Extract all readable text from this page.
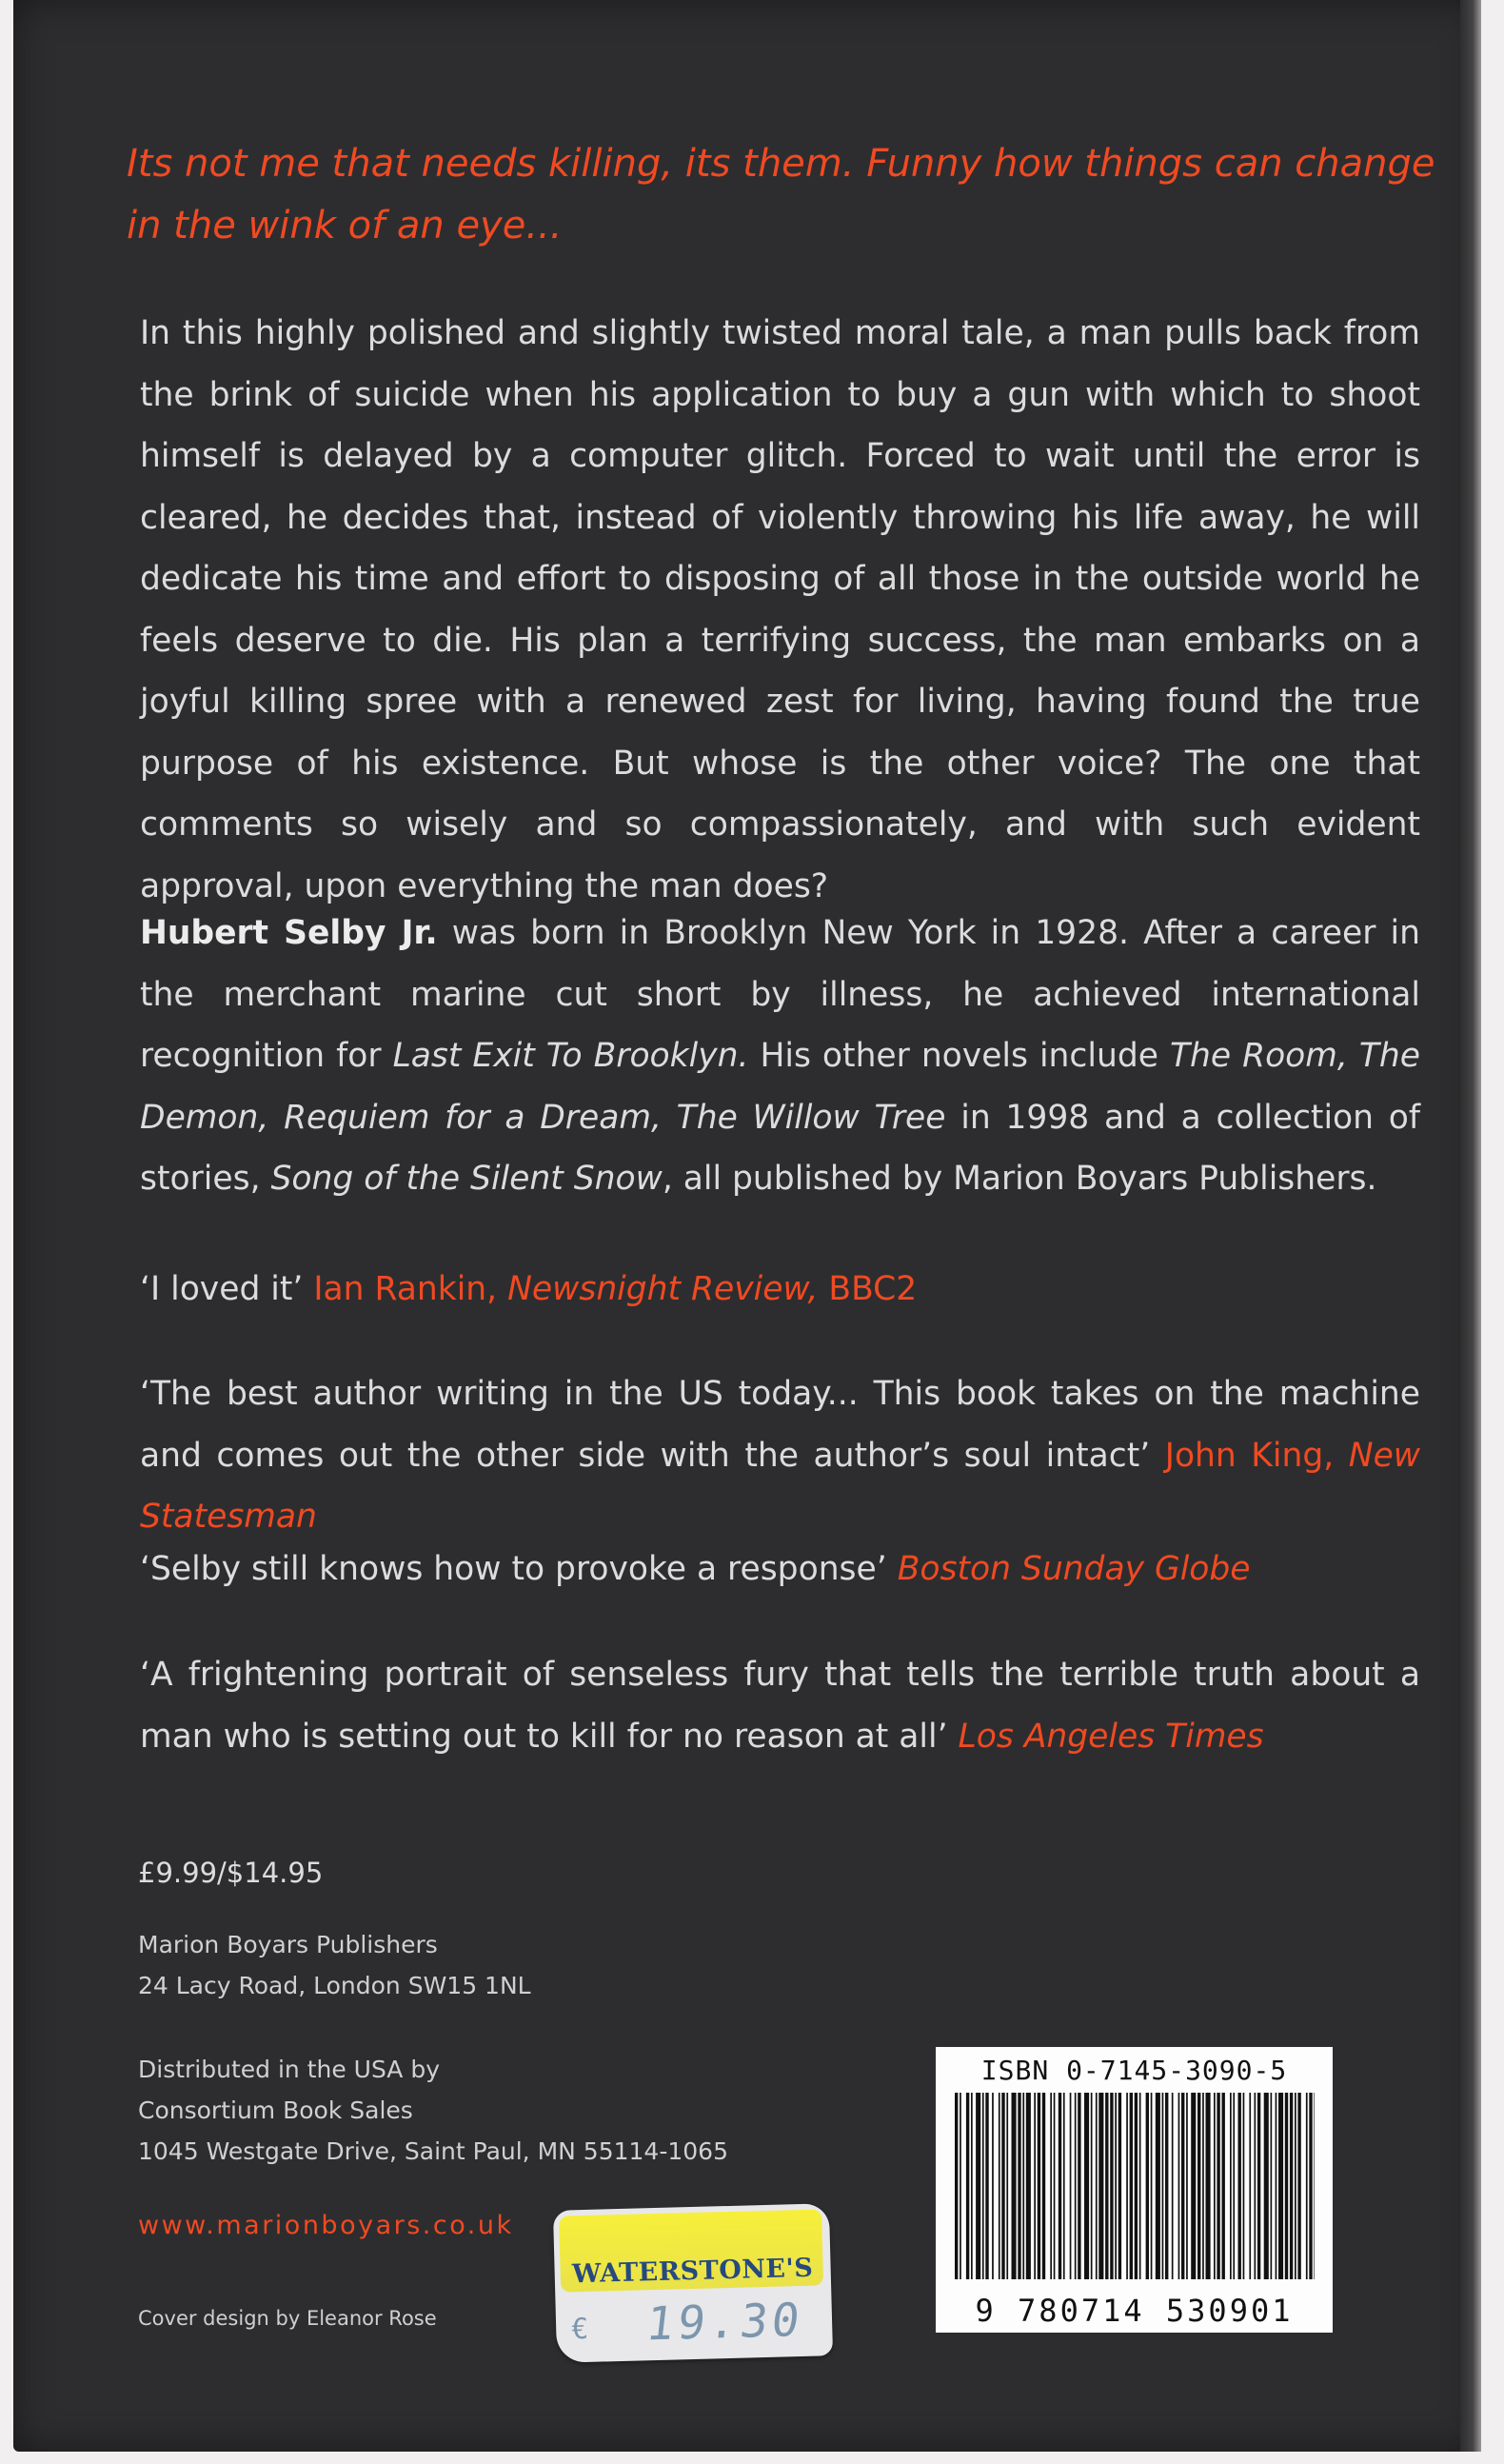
Its not me that needs killing, its them. Funny how things can change in the wink of an eye...
In this highly polished and slightly twisted moral tale, a man pulls back from the brink of suicide when his application to buy a gun with which to shoot himself is delayed by a computer glitch. Forced to wait until the error is cleared, he decides that, instead of violently throwing his life away, he will dedicate his time and effort to disposing of all those in the outside world he feels deserve to die. His plan a terrifying success, the man embarks on a joyful killing spree with a renewed zest for living, having found the true purpose of his existence. But whose is the other voice? The one that comments so wisely and so compassionately, and with such evident approval, upon everything the man does?
Hubert Selby Jr. was born in Brooklyn New York in 1928. After a career in the merchant marine cut short by illness, he achieved international recognition for Last Exit To Brooklyn. His other novels include The Room, The Demon, Requiem for a Dream, The Willow Tree in 1998 and a collection of stories, Song of the Silent Snow, all published by Marion Boyars Publishers.
‘I loved it’ Ian Rankin, Newsnight Review, BBC2
‘The best author writing in the US today... This book takes on the machine and comes out the other side with the author’s soul intact’ John King, New Statesman
‘Selby still knows how to provoke a response’ Boston Sunday Globe
‘A frightening portrait of senseless fury that tells the terrible truth about a man who is setting out to kill for no reason at all’ Los Angeles Times
£9.99/$14.95
Marion Boyars Publishers
24 Lacy Road, London SW15 1NL
Distributed in the USA by
Consortium Book Sales
1045 Westgate Drive, Saint Paul, MN 55114-1065
www.marionboyars.co.uk
Cover design by Eleanor Rose
ISBN 0-7145-3090-5
9 780714 530901
WATERSTONE'S
€ 19.30
